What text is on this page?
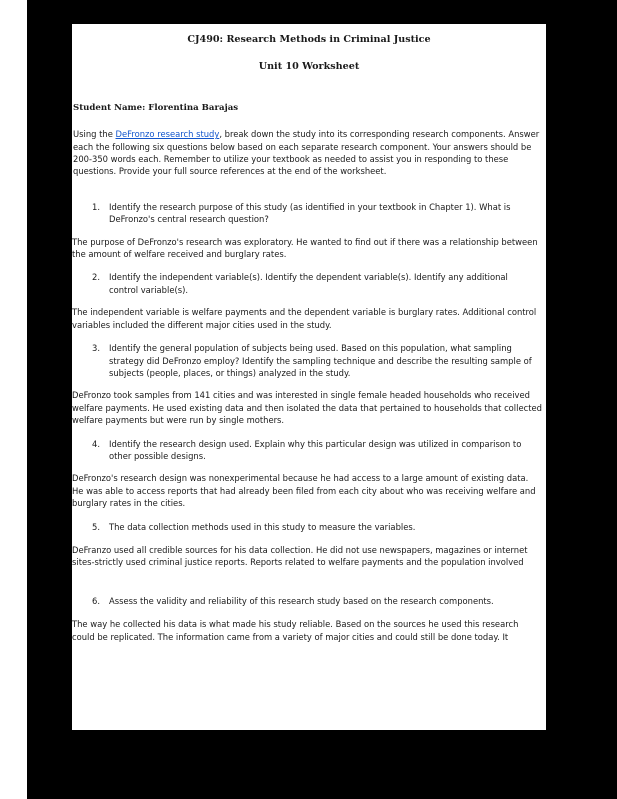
CJ490: Research Methods in Criminal Justice

Unit 10 Worksheet

Student Name: Florentina Barajas

Using the DeFronzo research study, break down the study into its corresponding research components. Answer each the following six questions below based on each separate research component. Your answers should be 200-350 words each. Remember to utilize your textbook as needed to assist you in responding to these questions. Provide your full source references at the end of the worksheet.

1. Identify the research purpose of this study (as identified in your textbook in Chapter 1). What is DeFronzo's central research question?
The purpose of DeFronzo's research was exploratory. He wanted to find out if there was a relationship between the amount of welfare received and burglary rates.
2. Identify the independent variable(s). Identify the dependent variable(s). Identify any additional control variable(s).
The independent variable is welfare payments and the dependent variable is burglary rates. Additional control variables included the different major cities used in the study.
3. Identify the general population of subjects being used. Based on this population, what sampling strategy did DeFronzo employ? Identify the sampling technique and describe the resulting sample of subjects (people, places, or things) analyzed in the study.
DeFronzo took samples from 141 cities and was interested in single female headed households who received welfare payments. He used existing data and then isolated the data that pertained to households that collected welfare payments but were run by single mothers.
4. Identify the research design used. Explain why this particular design was utilized in comparison to other possible designs.
DeFronzo's research design was nonexperimental because he had access to a large amount of existing data. He was able to access reports that had already been filed from each city about who was receiving welfare and burglary rates in the cities.
5. The data collection methods used in this study to measure the variables.
DeFranzo used all credible sources for his data collection. He did not use newspapers, magazines or internet sites-strictly used criminal justice reports. Reports related to welfare payments and the population involved
6. Assess the validity and reliability of this research study based on the research components.
The way he collected his data is what made his study reliable. Based on the sources he used this research could be replicated. The information came from a variety of major cities and could still be done today. It
